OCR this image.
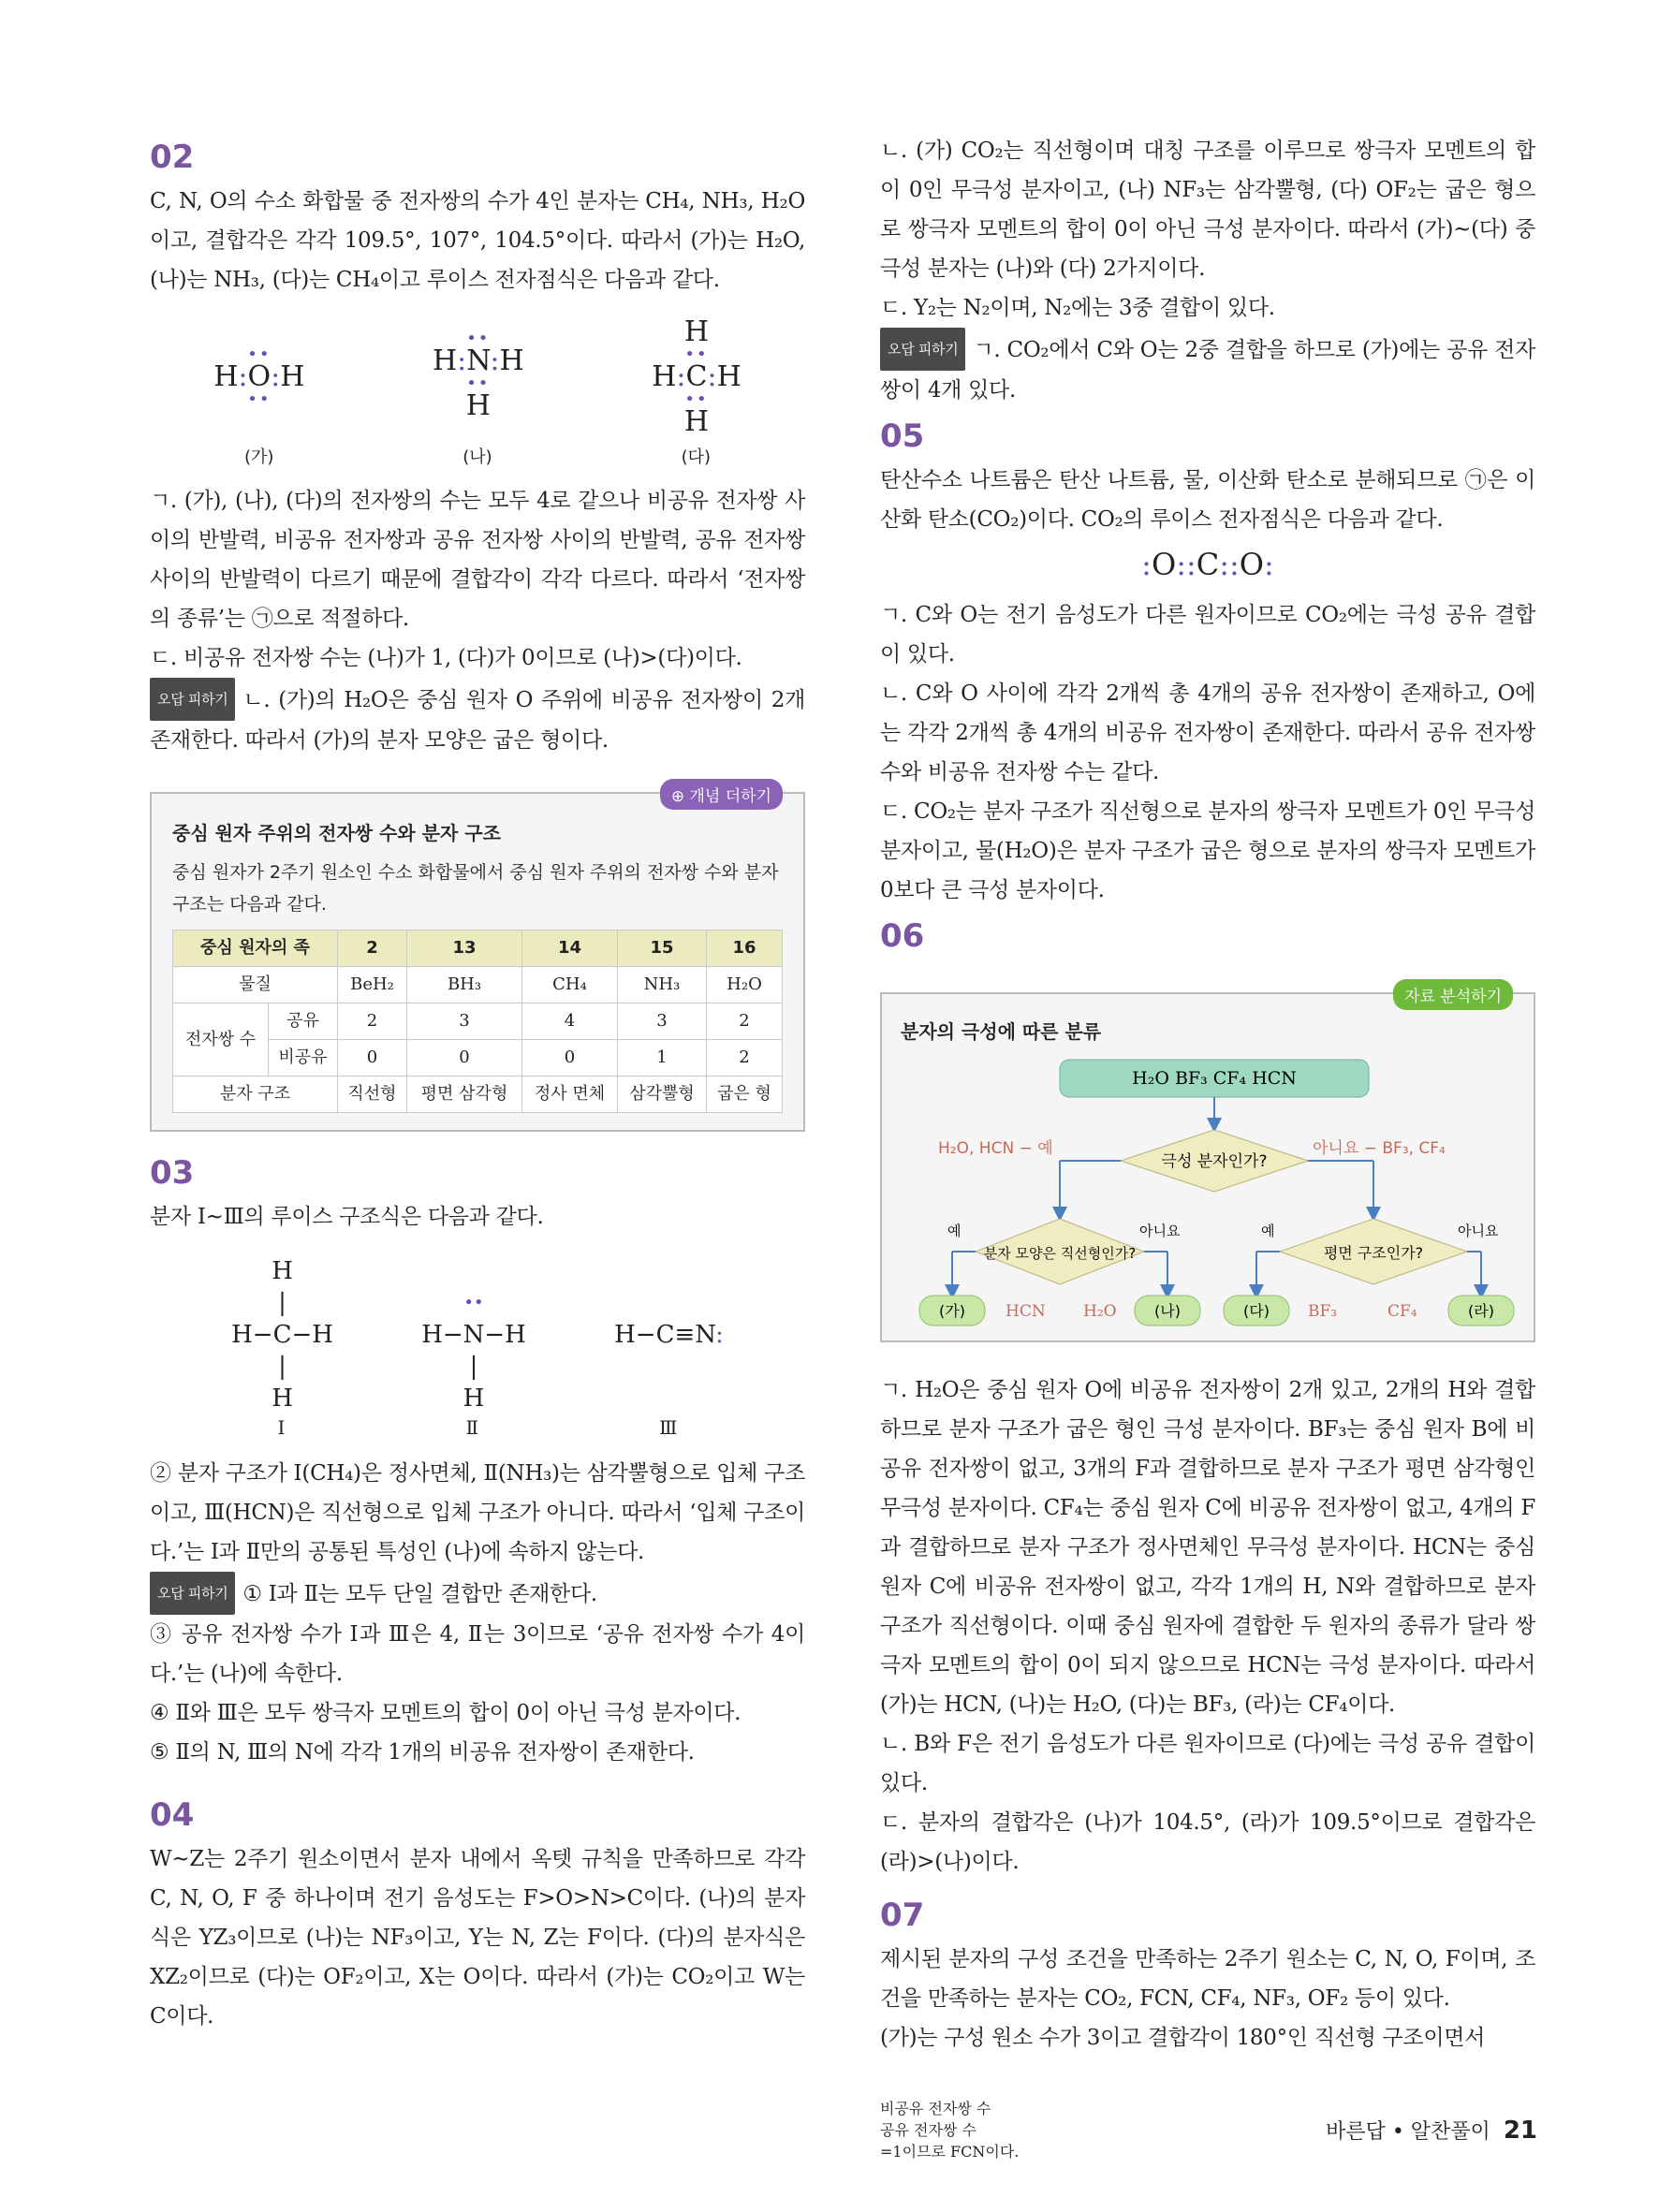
02

C, N, O의 수소 화합물 중 전자쌍의 수가 4인 분자는 CH₄, NH₃, H₂O이고, 결합각은 각각 109.5°, 107°, 104.5°이다. 따라서 (가)는 H₂O, (나)는 NH₃, (다)는 CH₄이고 루이스 전자점식은 다음과 같다.

••
H:O:H
••
••
H:N:H
••
H
H
••
H:C:H
••
H
(가)	(나)	(다)

ㄱ. (가), (나), (다)의 전자쌍의 수는 모두 4로 같으나 비공유 전자쌍 사이의 반발력, 비공유 전자쌍과 공유 전자쌍 사이의 반발력, 공유 전자쌍 사이의 반발력이 다르기 때문에 결합각이 각각 다르다. 따라서 ‘전자쌍의 종류’는 ㉠으로 적절하다.

ㄷ. 비공유 전자쌍 수는 (나)가 1, (다)가 0이므로 (나)>(다)이다.

오답 피하기 ㄴ. (가)의 H₂O은 중심 원자 O 주위에 비공유 전자쌍이 2개 존재한다. 따라서 (가)의 분자 모양은 굽은 형이다.

⊕ 개념 더하기
중심 원자 주위의 전자쌍 수와 분자 구조
중심 원자가 2주기 원소인 수소 화합물에서 중심 원자 주위의 전자쌍 수와 분자 구조는 다음과 같다.
중심 원자의 족		2	13	14	15	16
물질		BeH₂	BH₃	CH₄	NH₃	H₂O
전자쌍 수	공유	2	3	4	3	2
	비공유	0	0	0	1	2
분자 구조		직선형	평면 삼각형	정사 면체	삼각뿔형	굽은 형
03

분자 Ⅰ~Ⅲ의 루이스 구조식은 다음과 같다.

H
|
H−C−H
|
H

••
H−N−H
|
H

H−C≡N:

Ⅰ	Ⅱ	Ⅲ

② 분자 구조가 Ⅰ(CH₄)은 정사면체, Ⅱ(NH₃)는 삼각뿔형으로 입체 구조이고, Ⅲ(HCN)은 직선형으로 입체 구조가 아니다. 따라서 ‘입체 구조이다.’는 Ⅰ과 Ⅱ만의 공통된 특성인 (나)에 속하지 않는다.

오답 피하기 ① Ⅰ과 Ⅱ는 모두 단일 결합만 존재한다.

③ 공유 전자쌍 수가 Ⅰ과 Ⅲ은 4, Ⅱ는 3이므로 ‘공유 전자쌍 수가 4이다.’는 (나)에 속한다.

④ Ⅱ와 Ⅲ은 모두 쌍극자 모멘트의 합이 0이 아닌 극성 분자이다.

⑤ Ⅱ의 N, Ⅲ의 N에 각각 1개의 비공유 전자쌍이 존재한다.

04

W~Z는 2주기 원소이면서 분자 내에서 옥텟 규칙을 만족하므로 각각 C, N, O, F 중 하나이며 전기 음성도는 F>O>N>C이다. (나)의 분자식은 YZ₃이므로 (나)는 NF₃이고, Y는 N, Z는 F이다. (다)의 분자식은 XZ₂이므로 (다)는 OF₂이고, X는 O이다. 따라서 (가)는 CO₂이고 W는 C이다.

ㄴ. (가) CO₂는 직선형이며 대칭 구조를 이루므로 쌍극자 모멘트의 합이 0인 무극성 분자이고, (나) NF₃는 삼각뿔형, (다) OF₂는 굽은 형으로 쌍극자 모멘트의 합이 0이 아닌 극성 분자이다. 따라서 (가)~(다) 중 극성 분자는 (나)와 (다) 2가지이다.

ㄷ. Y₂는 N₂이며, N₂에는 3중 결합이 있다.

오답 피하기 ㄱ. CO₂에서 C와 O는 2중 결합을 하므로 (가)에는 공유 전자쌍이 4개 있다.

05

탄산수소 나트륨은 탄산 나트륨, 물, 이산화 탄소로 분해되므로 ㉠은 이산화 탄소(CO₂)이다. CO₂의 루이스 전자점식은 다음과 같다.

:O::C::O:

ㄱ. C와 O는 전기 음성도가 다른 원자이므로 CO₂에는 극성 공유 결합이 있다.

ㄴ. C와 O 사이에 각각 2개씩 총 4개의 공유 전자쌍이 존재하고, O에는 각각 2개씩 총 4개의 비공유 전자쌍이 존재한다. 따라서 공유 전자쌍 수와 비공유 전자쌍 수는 같다.

ㄷ. CO₂는 분자 구조가 직선형으로 분자의 쌍극자 모멘트가 0인 무극성 분자이고, 물(H₂O)은 분자 구조가 굽은 형으로 분자의 쌍극자 모멘트가 0보다 큰 극성 분자이다.

06
자료 분석하기
분자의 극성에 따른 분류
H₂O BF₃ CF₄ HCN
극성 분자인가?
H₂O, HCN − 예	아니요 − BF₃, CF₄
분자 모양은 직선형인가?	평면 구조인가?
예	아니요	예	아니요
(가)	HCN H₂O	(나)	(다) BF₃	CF₄	(라)

ㄱ. H₂O은 중심 원자 O에 비공유 전자쌍이 2개 있고, 2개의 H와 결합하므로 분자 구조가 굽은 형인 극성 분자이다. BF₃는 중심 원자 B에 비공유 전자쌍이 없고, 3개의 F과 결합하므로 분자 구조가 평면 삼각형인 무극성 분자이다. CF₄는 중심 원자 C에 비공유 전자쌍이 없고, 4개의 F과 결합하므로 분자 구조가 정사면체인 무극성 분자이다. HCN는 중심 원자 C에 비공유 전자쌍이 없고, 각각 1개의 H, N와 결합하므로 분자 구조가 직선형이다. 이때 중심 원자에 결합한 두 원자의 종류가 달라 쌍극자 모멘트의 합이 0이 되지 않으므로 HCN는 극성 분자이다. 따라서 (가)는 HCN, (나)는 H₂O, (다)는 BF₃, (라)는 CF₄이다.

ㄴ. B와 F은 전기 음성도가 다른 원자이므로 (다)에는 극성 공유 결합이 있다.

ㄷ. 분자의 결합각은 (나)가 104.5°, (라)가 109.5°이므로 결합각은 (라)>(나)이다.

07

제시된 분자의 구성 조건을 만족하는 2주기 원소는 C, N, O, F이며, 조건을 만족하는 분자는 CO₂, FCN, CF₄, NF₃, OF₂ 등이 있다.

(가)는 구성 원소 수가 3이고 결합각이 180°인 직선형 구조이면서

비공유 전자쌍 수
공유 전자쌍 수
=1이므로 FCN이다.

바른답 • 알찬풀이 21
